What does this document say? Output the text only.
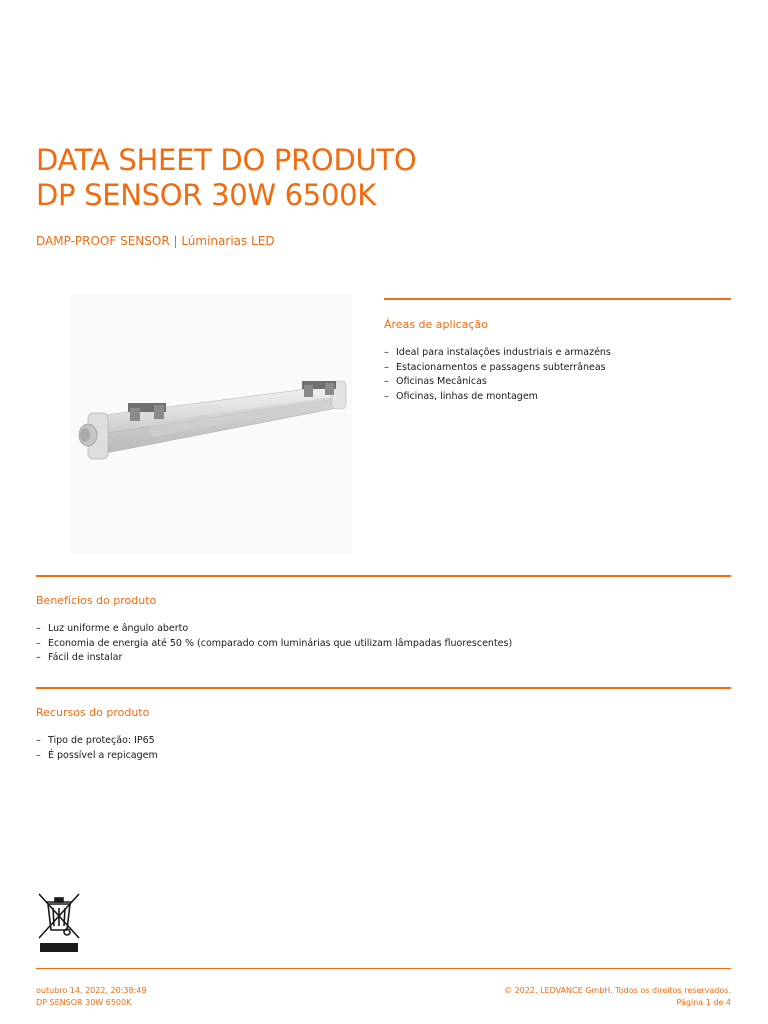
DATA SHEET DO PRODUTO
DP SENSOR 30W 6500K
DAMP-PROOF SENSOR | Lúminarias LED
Áreas de aplicação
– Ideal para instalações industriais e armazéns
– Estacionamentos e passagens subterrâneas
– Oficinas Mecânicas
– Oficinas, linhas de montagem
Benefícios do produto
– Luz uniforme e ângulo aberto
– Economia de energia até 50 % (comparado com luminárias que utilizam lâmpadas fluorescentes)
– Fácil de instalar
Recursos do produto
– Tipo de proteção: IP65
– É possível a repicagem
outubro 14, 2022, 20:38:49
DP SENSOR 30W 6500K
© 2022, LEDVANCE GmbH. Todos os direitos reservados.
Página 1 de 4
